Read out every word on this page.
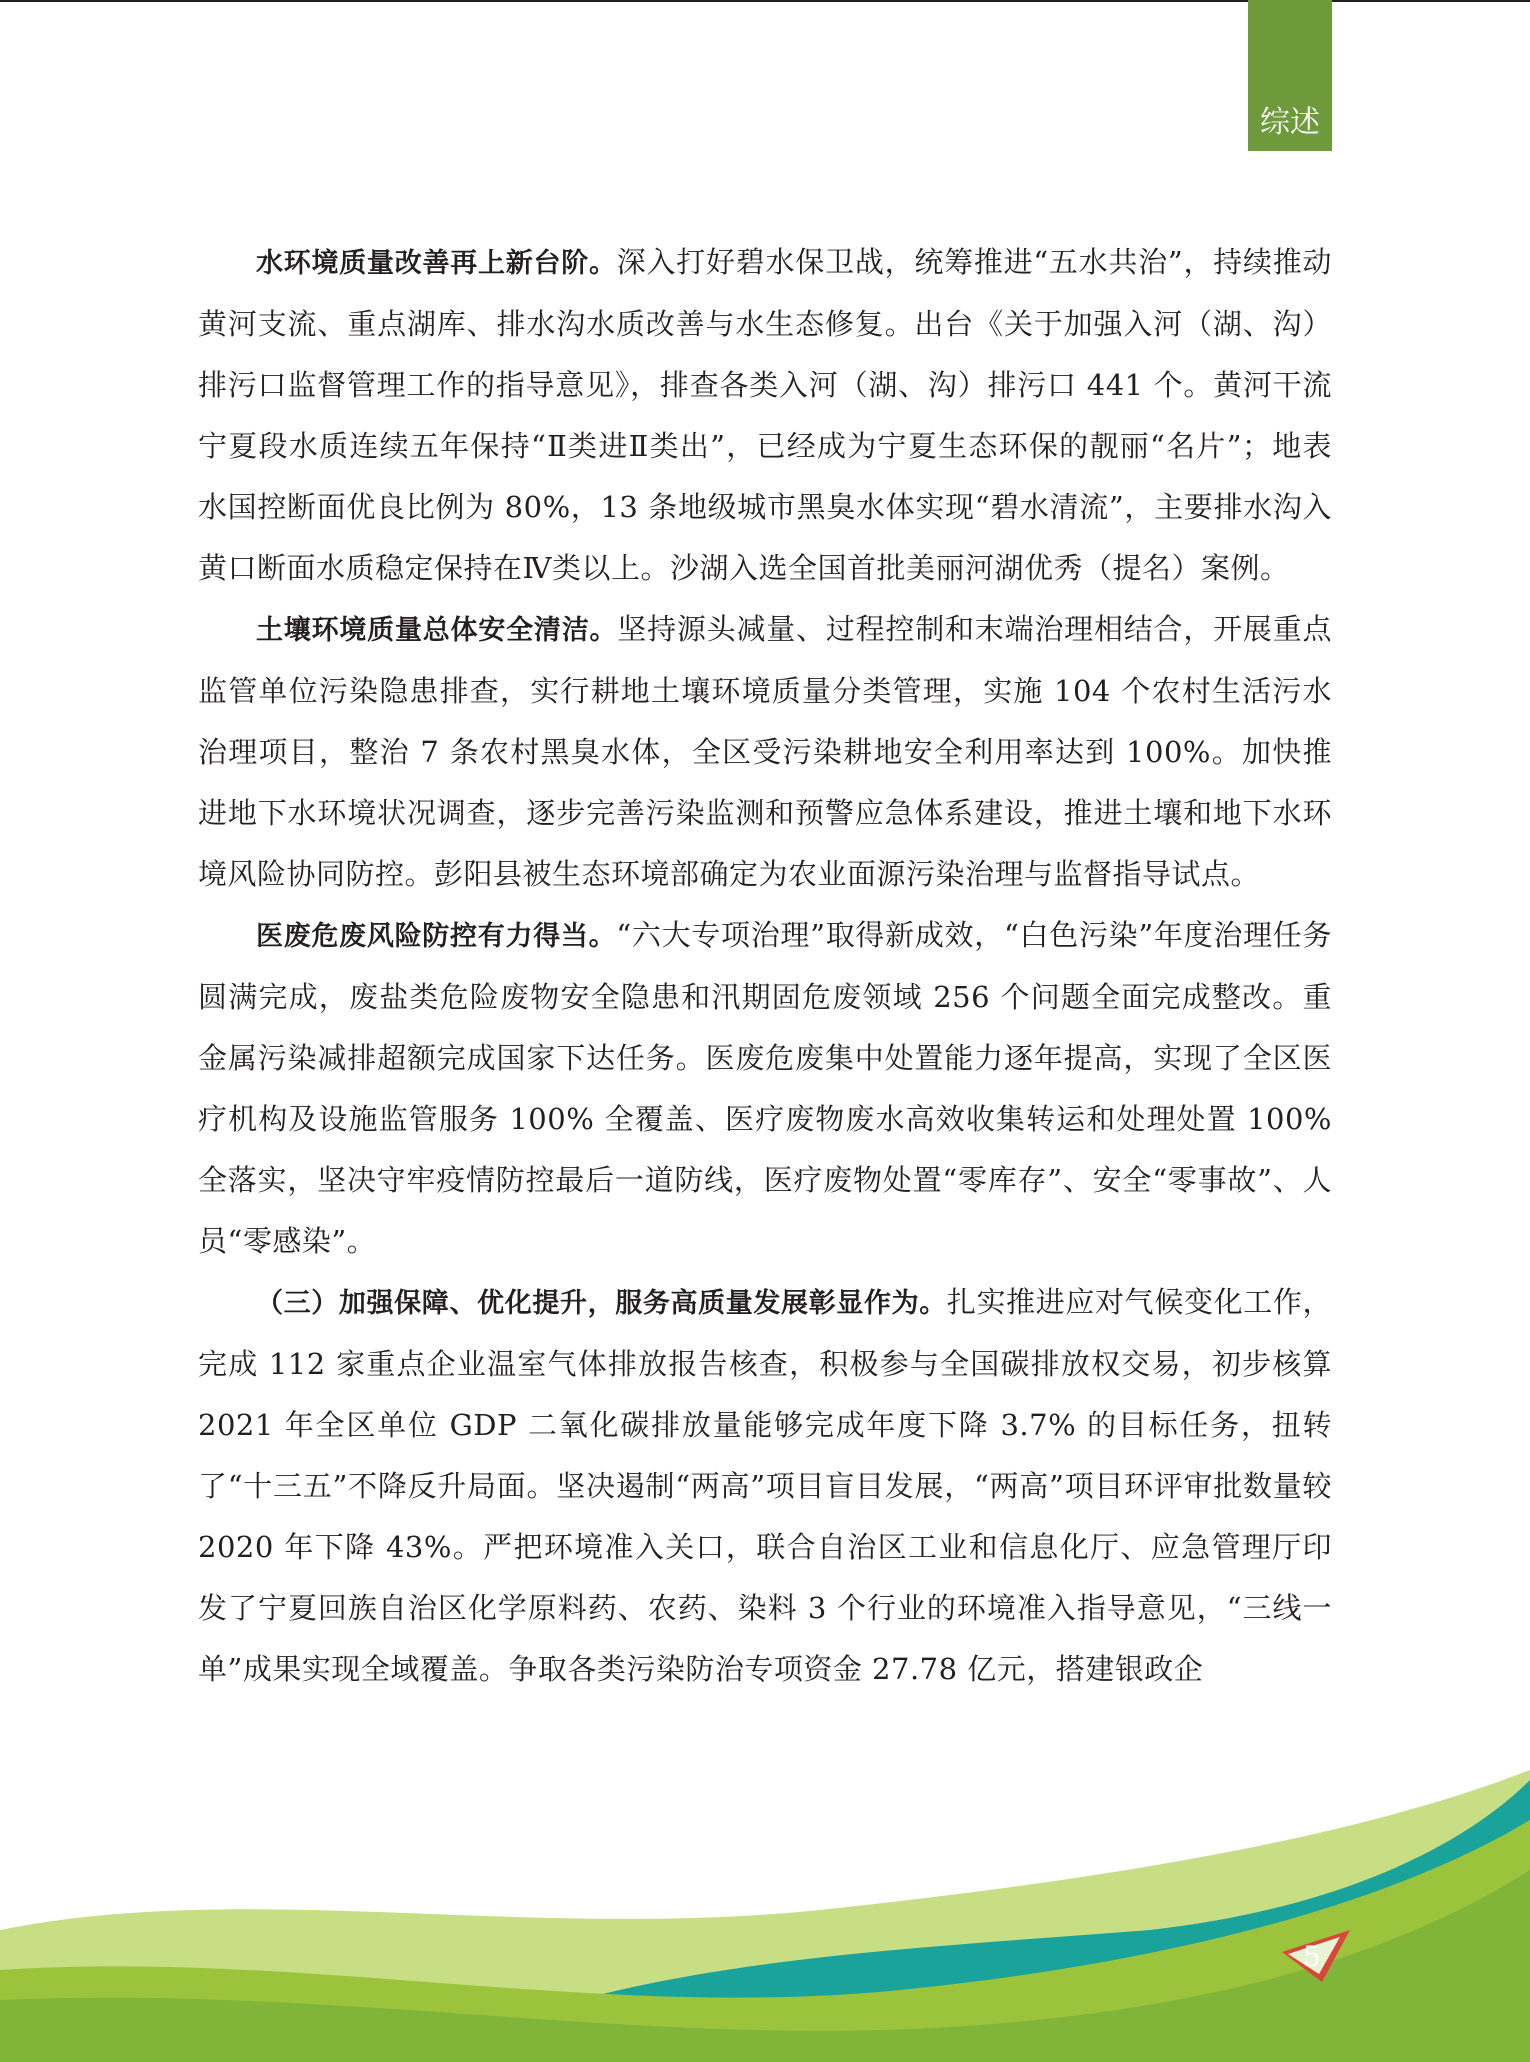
综述

水环境质量改善再上新台阶。深入打好碧水保卫战，统筹推进“五水共治”，持续推动黄河支流、重点湖库、排水沟水质改善与水生态修复。出台《关于加强入河（湖、沟）排污口监督管理工作的指导意见》，排查各类入河（湖、沟）排污口 441 个。黄河干流宁夏段水质连续五年保持“Ⅱ类进Ⅱ类出”，已经成为宁夏生态环保的靓丽“名片”；地表水国控断面优良比例为 80%，13 条地级城市黑臭水体实现“碧水清流”，主要排水沟入黄口断面水质稳定保持在Ⅳ类以上。沙湖入选全国首批美丽河湖优秀（提名）案例。

土壤环境质量总体安全清洁。坚持源头减量、过程控制和末端治理相结合，开展重点监管单位污染隐患排查，实行耕地土壤环境质量分类管理，实施 104 个农村生活污水治理项目，整治 7 条农村黑臭水体，全区受污染耕地安全利用率达到 100%。加快推进地下水环境状况调查，逐步完善污染监测和预警应急体系建设，推进土壤和地下水环境风险协同防控。彭阳县被生态环境部确定为农业面源污染治理与监督指导试点。

医废危废风险防控有力得当。“六大专项治理”取得新成效，“白色污染”年度治理任务圆满完成，废盐类危险废物安全隐患和汛期固危废领域 256 个问题全面完成整改。重金属污染减排超额完成国家下达任务。医废危废集中处置能力逐年提高，实现了全区医疗机构及设施监管服务 100% 全覆盖、医疗废物废水高效收集转运和处理处置 100% 全落实，坚决守牢疫情防控最后一道防线，医疗废物处置“零库存”、安全“零事故”、人员“零感染”。

（三）加强保障、优化提升，服务高质量发展彰显作为。扎实推进应对气候变化工作，完成 112 家重点企业温室气体排放报告核查，积极参与全国碳排放权交易，初步核算 2021 年全区单位 GDP 二氧化碳排放量能够完成年度下降 3.7% 的目标任务，扭转了“十三五”不降反升局面。坚决遏制“两高”项目盲目发展，“两高”项目环评审批数量较 2020 年下降 43%。严把环境准入关口，联合自治区工业和信息化厅、应急管理厅印发了宁夏回族自治区化学原料药、农药、染料 3 个行业的环境准入指导意见，“三线一单”成果实现全域覆盖。争取各类污染防治专项资金 27.78 亿元，搭建银政企

5
